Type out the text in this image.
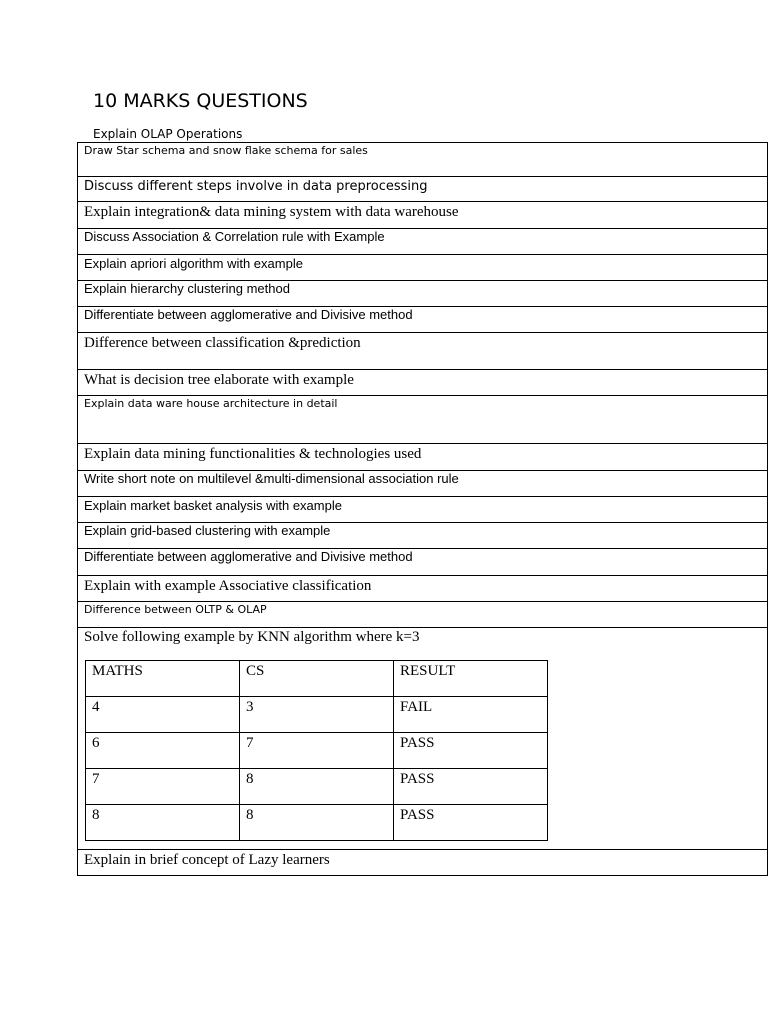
10 MARKS QUESTIONS
Explain OLAP Operations
Draw Star schema and snow flake schema for sales
Discuss different steps involve in data preprocessing
Explain integration& data mining system with data warehouse
Discuss Association & Correlation rule with Example
Explain apriori algorithm with example
Explain hierarchy clustering method
Differentiate between agglomerative and Divisive method
Difference between classification &prediction
What is decision tree elaborate with example
Explain data ware house architecture in detail
Explain data mining functionalities & technologies used
Write short note on multilevel &multi-dimensional association rule
Explain market basket analysis with example
Explain grid-based clustering with example
Differentiate between agglomerative and Divisive method
Explain with example Associative classification
Difference between OLTP & OLAP

Solve following example by KNN algorithm where k=3
MATHS	CS	RESULT

4	3	FAIL

6	7	PASS

7	8	PASS

8	8	PASS

Explain in brief concept of Lazy learners
